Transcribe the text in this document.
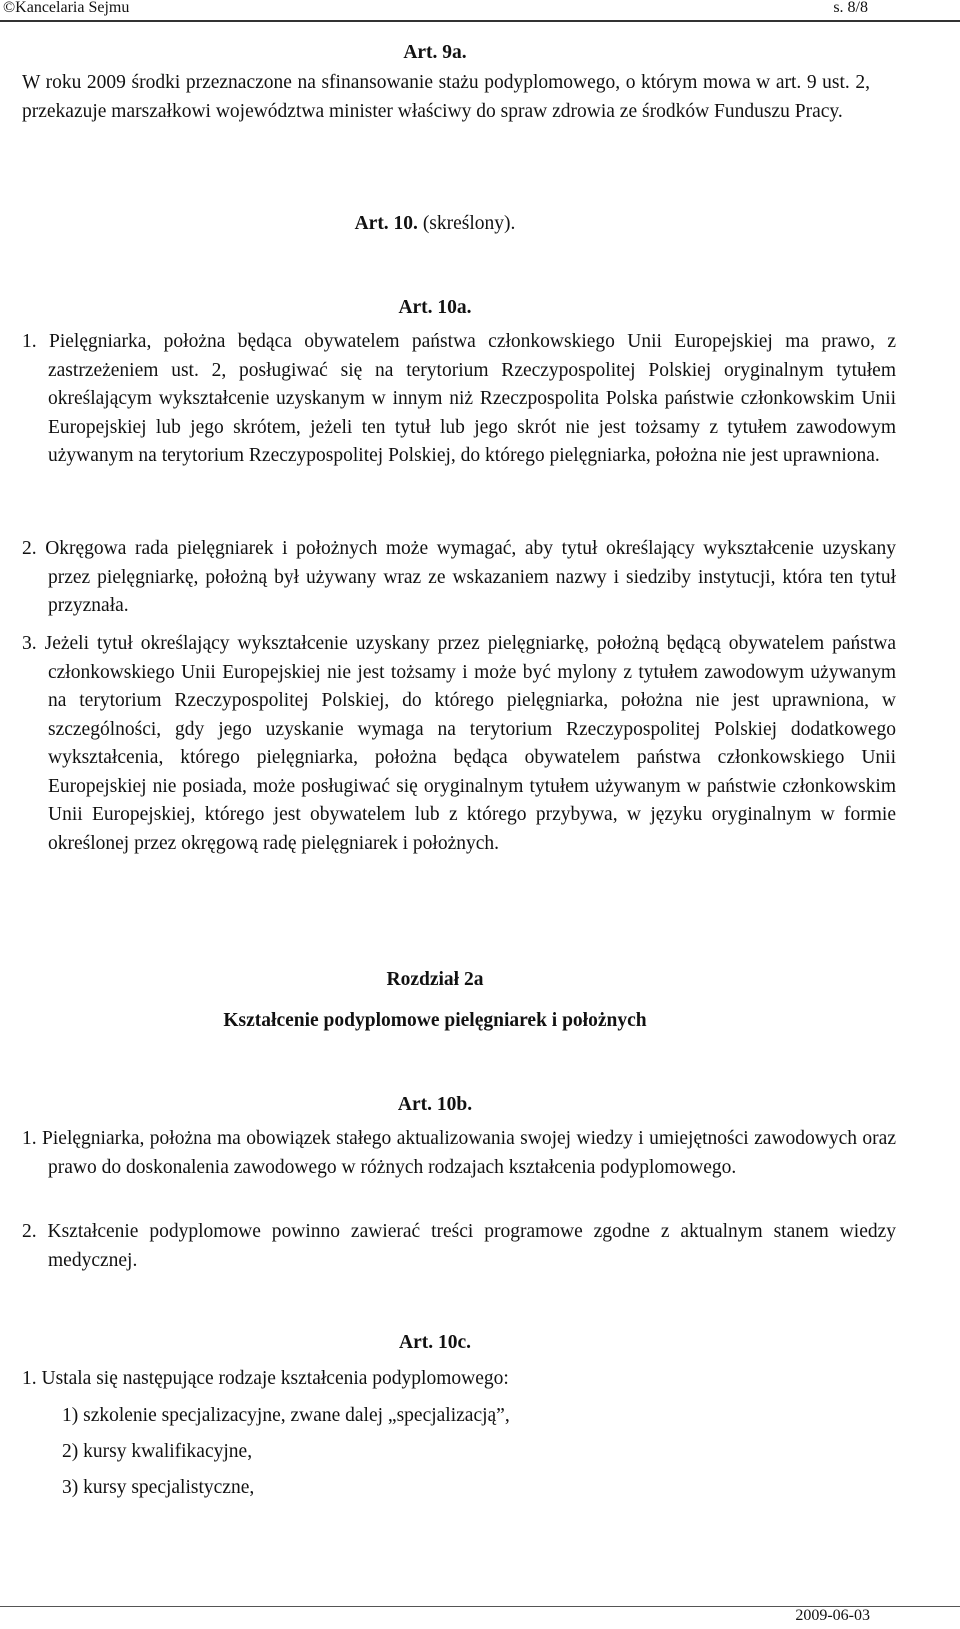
©Kancelaria Sejmu	s. 8/8
Art. 9a.
W roku 2009 środki przeznaczone na sfinansowanie stażu podyplomowego, o którym mowa w art. 9 ust. 2, przekazuje marszałkowi województwa minister właściwy do spraw zdrowia ze środków Funduszu Pracy.
Art. 10. (skreślony).
Art. 10a.
1. Pielęgniarka, położna będąca obywatelem państwa członkowskiego Unii Europejskiej ma prawo, z zastrzeżeniem ust. 2, posługiwać się na terytorium Rzeczypospolitej Polskiej oryginalnym tytułem określającym wykształcenie uzyskanym w innym niż Rzeczpospolita Polska państwie członkowskim Unii Europejskiej lub jego skrótem, jeżeli ten tytuł lub jego skrót nie jest tożsamy z tytułem zawodowym używanym na terytorium Rzeczypospolitej Polskiej, do którego pielęgniarka, położna nie jest uprawniona.
2. Okręgowa rada pielęgniarek i położnych może wymagać, aby tytuł określający wykształcenie uzyskany przez pielęgniarkę, położną był używany wraz ze wskazaniem nazwy i siedziby instytucji, która ten tytuł przyznała.
3. Jeżeli tytuł określający wykształcenie uzyskany przez pielęgniarkę, położną będącą obywatelem państwa członkowskiego Unii Europejskiej nie jest tożsamy i może być mylony z tytułem zawodowym używanym na terytorium Rzeczypospolitej Polskiej, do którego pielęgniarka, położna nie jest uprawniona, w szczególności, gdy jego uzyskanie wymaga na terytorium Rzeczypospolitej Polskiej dodatkowego wykształcenia, którego pielęgniarka, położna będąca obywatelem państwa członkowskiego Unii Europejskiej nie posiada, może posługiwać się oryginalnym tytułem używanym w państwie członkowskim Unii Europejskiej, którego jest obywatelem lub z którego przybywa, w języku oryginalnym w formie określonej przez okręgową radę pielęgniarek i położnych.
Rozdział 2a
Kształcenie podyplomowe pielęgniarek i położnych
Art. 10b.
1. Pielęgniarka, położna ma obowiązek stałego aktualizowania swojej wiedzy i umiejętności zawodowych oraz prawo do doskonalenia zawodowego w różnych rodzajach kształcenia podyplomowego.
2. Kształcenie podyplomowe powinno zawierać treści programowe zgodne z aktualnym stanem wiedzy medycznej.
Art. 10c.
1. Ustala się następujące rodzaje kształcenia podyplomowego:
1) szkolenie specjalizacyjne, zwane dalej „specjalizacją”,
2) kursy kwalifikacyjne,
3) kursy specjalistyczne,
2009-06-03
